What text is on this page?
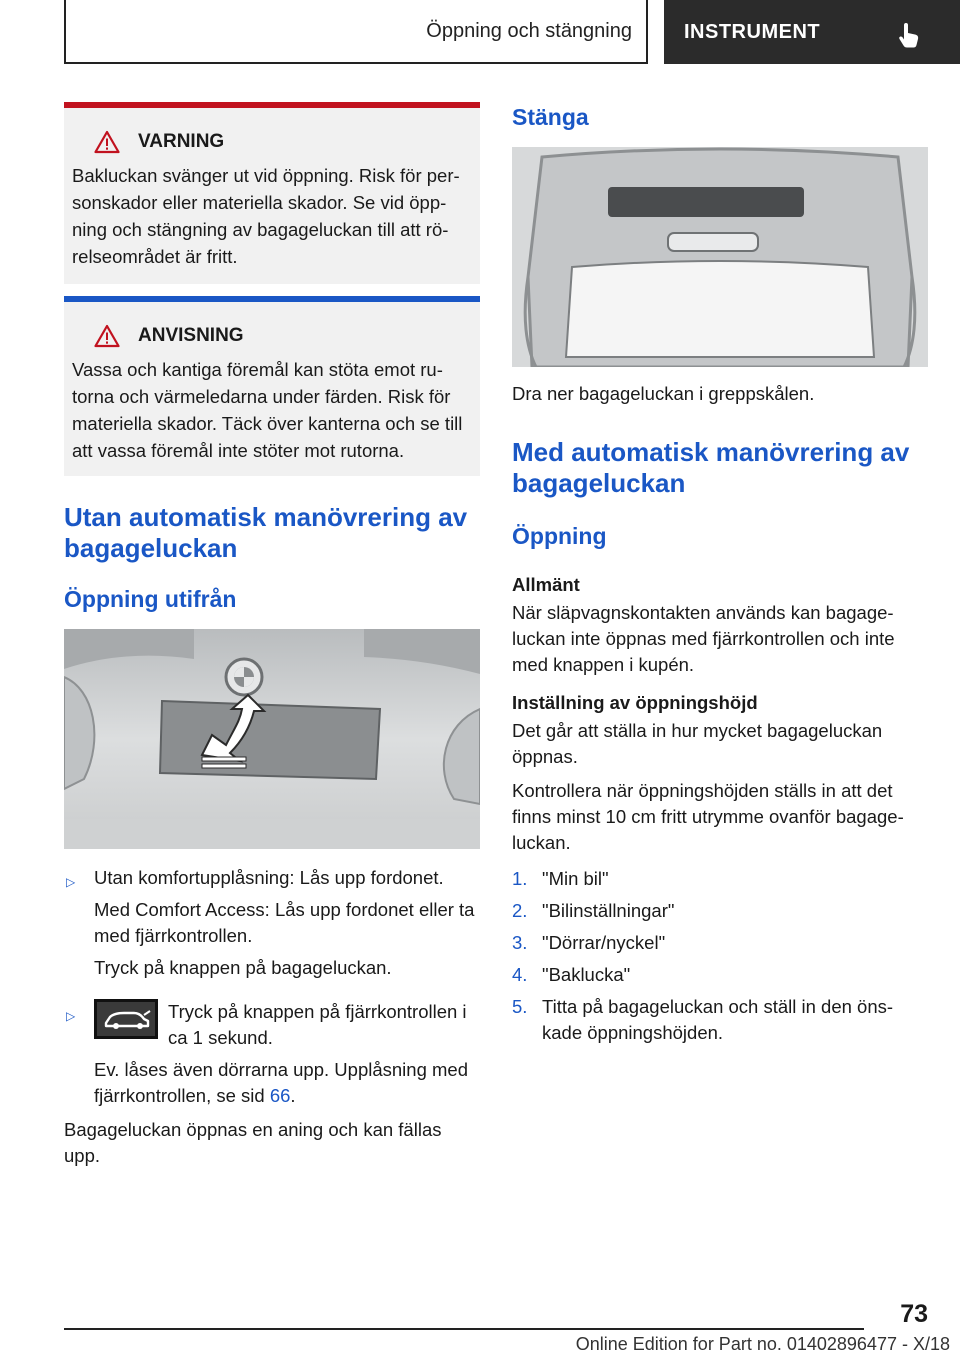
Öppning och stängning	INSTRUMENT
VARNING
Bakluckan svänger ut vid öppning. Risk för per-sonskador eller materiella skador. Se vid öpp-ning och stängning av bagageluckan till att rö-relseområdet är fritt.
ANVISNING
Vassa och kantiga föremål kan stöta emot ru-torna och värmeledarna under färden. Risk för materiella skador. Täck över kanterna och se till att vassa föremål inte stöter mot rutorna.
Utan automatisk manövrering av bagageluckan
Öppning utifrån
▷ Utan komfortupplåsning: Lås upp fordonet.
Med Comfort Access: Lås upp fordonet eller ta med fjärrkontrollen.
Tryck på knappen på bagageluckan.
▷	Tryck på knappen på fjärrkontrollen i ca 1 sekund.
Ev. låses även dörrarna upp. Upplåsning med fjärrkontrollen, se sid 66.

Bagageluckan öppnas en aning och kan fällas upp.

Stänga

Dra ner bagageluckan i greppskålen.

Med automatisk manövrering av bagageluckan
Öppning
Allmänt

När släpvagnskontakten används kan bagage-luckan inte öppnas med fjärrkontrollen och inte med knappen i kupén.

Inställning av öppningshöjd

Det går att ställa in hur mycket bagageluckan öppnas.

Kontrollera när öppningshöjden ställs in att det finns minst 10 cm fritt utrymme ovanför bagage-luckan.

1. "Min bil"
2. "Bilinställningar"
3. "Dörrar/nyckel"
4. "Baklucka"
5. Titta på bagageluckan och ställ in den öns-kade öppningshöjden.
73
Online Edition for Part no. 01402896477 - X/18
